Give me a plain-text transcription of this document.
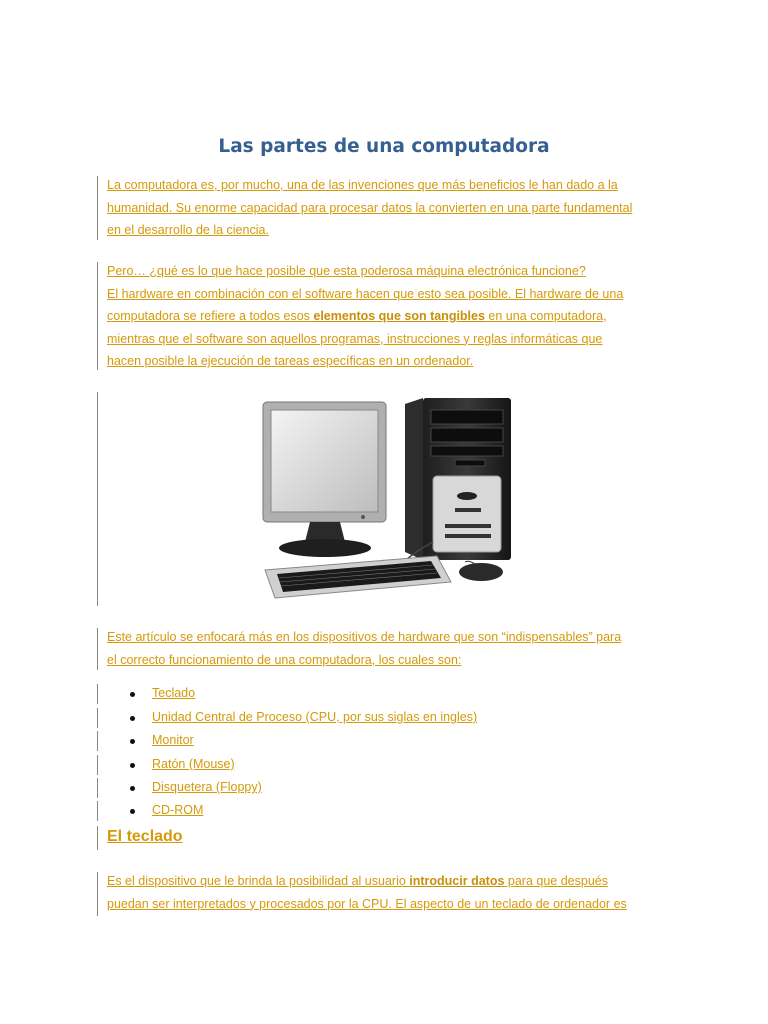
Las partes de una computadora

La computadora es, por mucho, una de las invenciones que más beneficios le han dado a la
humanidad. Su enorme capacidad para procesar datos la convierten en una parte fundamental
en el desarrollo de la ciencia.

Pero… ¿qué es lo que hace posible que esta poderosa máquina electrónica funcione?
El hardware en combinación con el software hacen que esto sea posible. El hardware de una
computadora se refiere a todos esos elementos que son tangibles en una computadora,
mientras que el software son aquellos programas, instrucciones y reglas informáticas que
hacen posible la ejecución de tareas específicas en un ordenador.

Este artículo se enfocará más en los dispositivos de hardware que son “indispensables” para
el correcto funcionamiento de una computadora, los cuales son:

Teclado
Unidad Central de Proceso (CPU, por sus siglas en ingles)
Monitor
Ratón (Mouse)
Disquetera (Floppy)
CD-ROM
El teclado

Es el dispositivo que le brinda la posibilidad al usuario introducir datos para que después
puedan ser interpretados y procesados por la CPU. El aspecto de un teclado de ordenador es
